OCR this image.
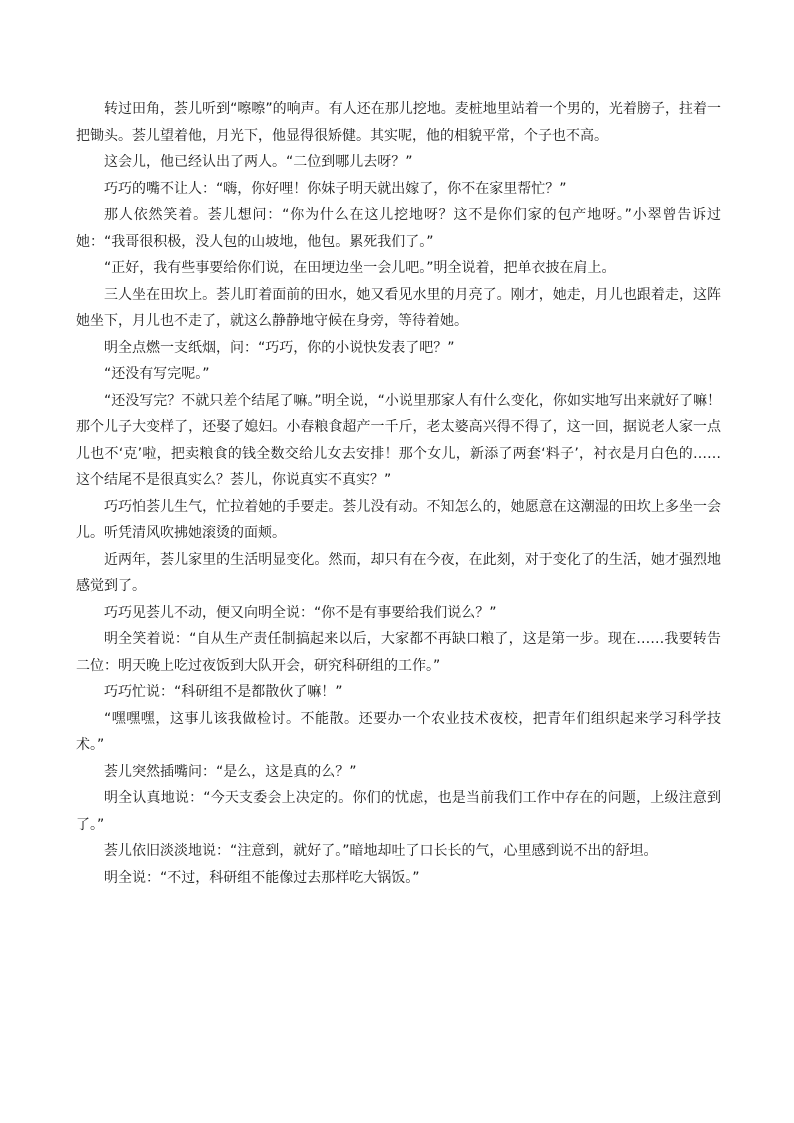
转过田角，荟儿听到“嚓嚓”的响声。有人还在那儿挖地。麦桩地里站着一个男的，光着膀子，拄着一把锄头。荟儿望着他，月光下，他显得很矫健。其实呢，他的相貌平常，个子也不高。

这会儿，他已经认出了两人。“二位到哪儿去呀？”

巧巧的嘴不让人：“嗨，你好哩！你妹子明天就出嫁了，你不在家里帮忙？”

那人依然笑着。荟儿想问：“你为什么在这儿挖地呀？这不是你们家的包产地呀。”小翠曾告诉过她：“我哥很积极，没人包的山坡地，他包。累死我们了。”

“正好，我有些事要给你们说，在田埂边坐一会儿吧。”明全说着，把单衣披在肩上。

三人坐在田坎上。荟儿盯着面前的田水，她又看见水里的月亮了。刚才，她走，月儿也跟着走，这阵她坐下，月儿也不走了，就这么静静地守候在身旁，等待着她。

明全点燃一支纸烟，问：“巧巧，你的小说快发表了吧？”

“还没有写完呢。”

“还没写完？不就只差个结尾了嘛。”明全说，“小说里那家人有什么变化，你如实地写出来就好了嘛！那个儿子大变样了，还娶了媳妇。小春粮食超产一千斤，老太婆高兴得不得了，这一回，据说老人家一点儿也不‘克’啦，把卖粮食的钱全数交给儿女去安排！那个女儿，新添了两套‘料子’，衬衣是月白色的……这个结尾不是很真实么？荟儿，你说真实不真实？”

巧巧怕荟儿生气，忙拉着她的手要走。荟儿没有动。不知怎么的，她愿意在这潮湿的田坎上多坐一会儿。听凭清风吹拂她滚烫的面颊。

近两年，荟儿家里的生活明显变化。然而，却只有在今夜，在此刻，对于变化了的生活，她才强烈地感觉到了。

巧巧见荟儿不动，便又向明全说：“你不是有事要给我们说么？”

明全笑着说：“自从生产责任制搞起来以后，大家都不再缺口粮了，这是第一步。现在……我要转告二位：明天晚上吃过夜饭到大队开会，研究科研组的工作。”

巧巧忙说：“科研组不是都散伙了嘛！”

“嘿嘿嘿，这事儿该我做检讨。不能散。还要办一个农业技术夜校，把青年们组织起来学习科学技术。”

荟儿突然插嘴问：“是么，这是真的么？”

明全认真地说：“今天支委会上决定的。你们的忧虑，也是当前我们工作中存在的问题，上级注意到了。”

荟儿依旧淡淡地说：“注意到，就好了。”暗地却吐了口长长的气，心里感到说不出的舒坦。

明全说：“不过，科研组不能像过去那样吃大锅饭。”
